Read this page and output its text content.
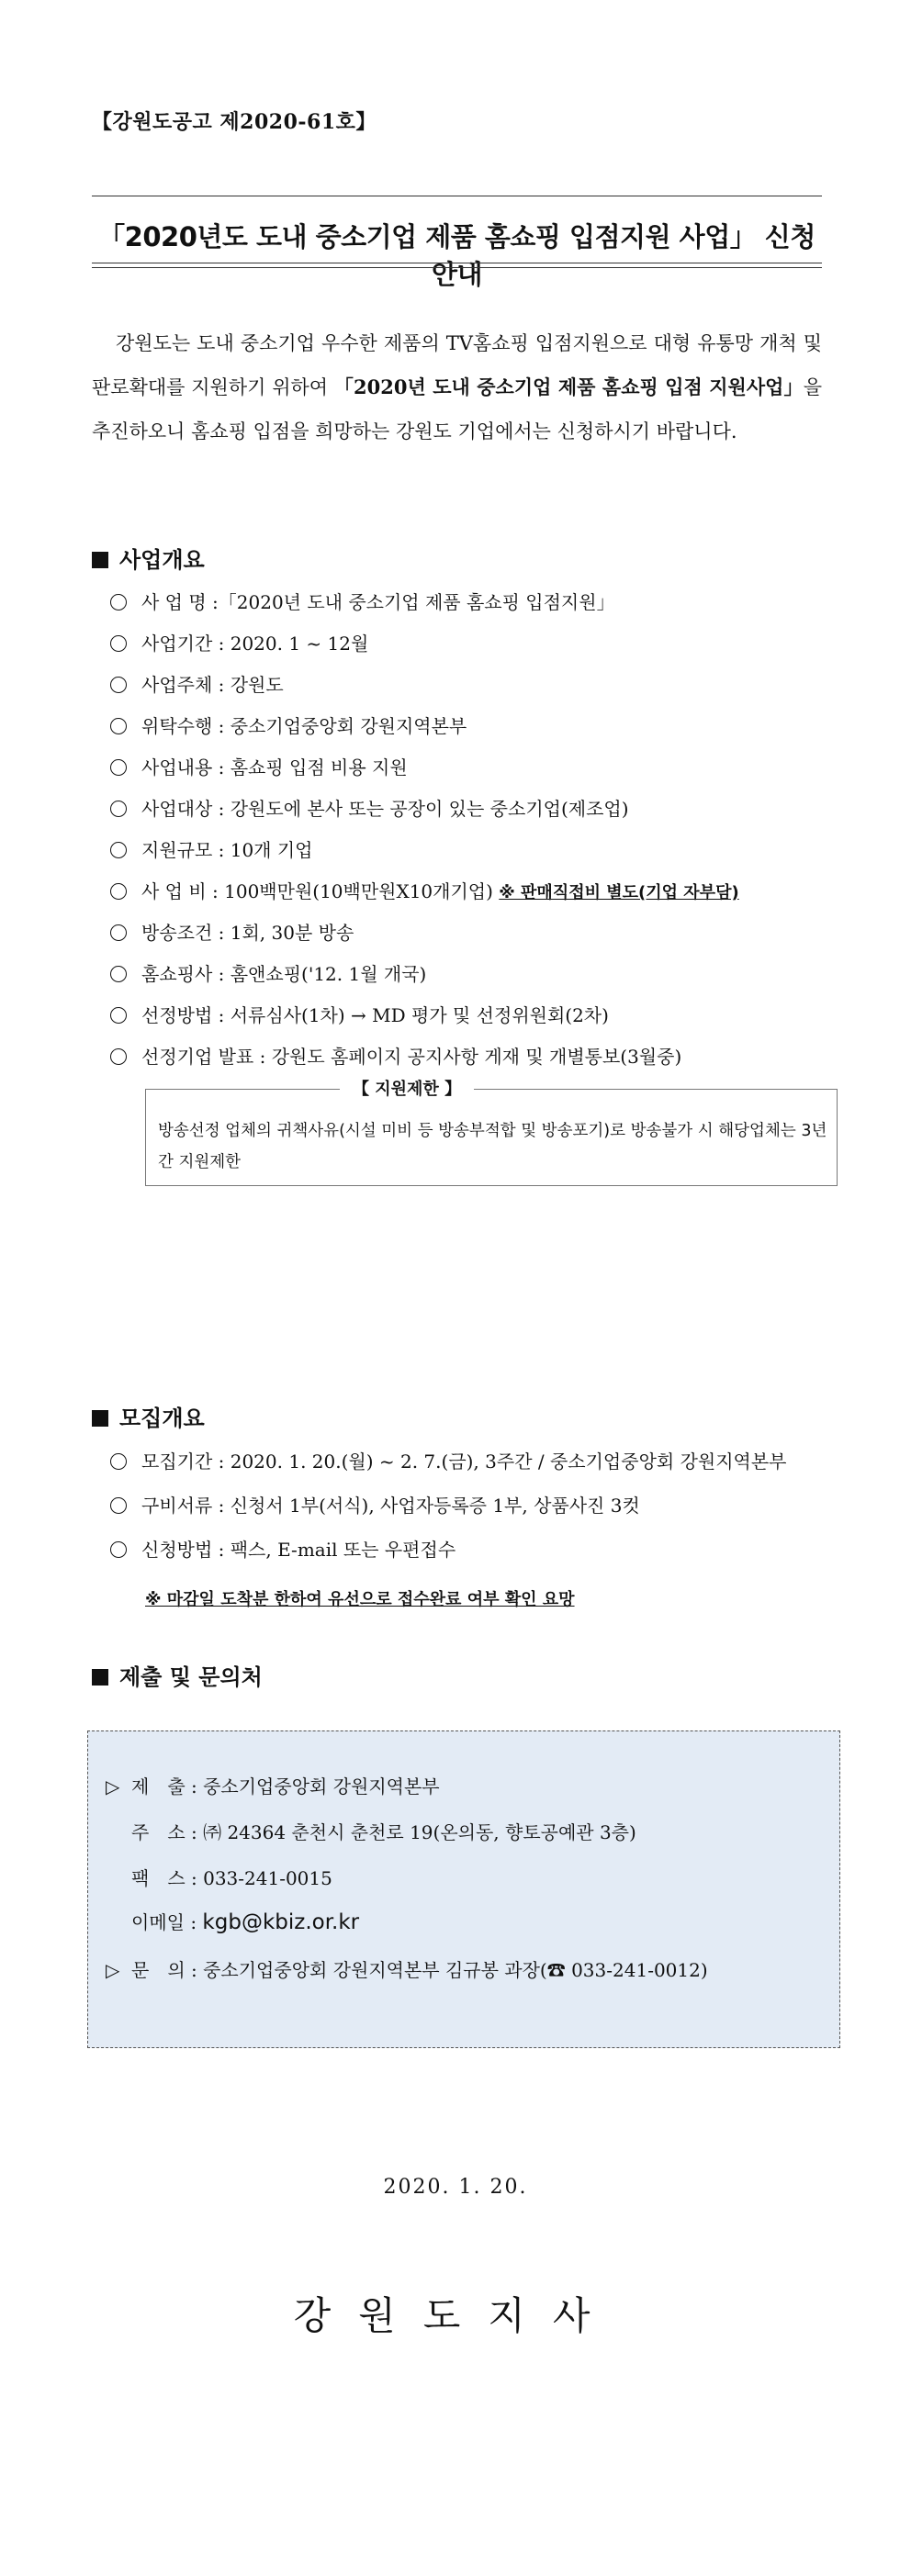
【강원도공고 제2020-61호】
「2020년도 도내 중소기업 제품 홈쇼핑 입점지원 사업」 신청 안내

강원도는 도내 중소기업 우수한 제품의 TV홈쇼핑 입점지원으로 대형 유통망 개척 및 판로확대를 지원하기 위하여 「2020년 도내 중소기업 제품 홈쇼핑 입점 지원사업」을 추진하오니 홈쇼핑 입점을 희망하는 강원도 기업에서는 신청하시기 바랍니다.

사업개요
사 업 명 :「2020년 도내 중소기업 제품 홈쇼핑 입점지원」
사업기간 : 2020. 1 ~ 12월
사업주체 : 강원도
위탁수행 : 중소기업중앙회 강원지역본부
사업내용 : 홈쇼핑 입점 비용 지원
사업대상 : 강원도에 본사 또는 공장이 있는 중소기업(제조업)
지원규모 : 10개 기업
사 업 비 : 100백만원(10백만원X10개기업) ※ 판매직접비 별도(기업 자부담)
방송조건 : 1회, 30분 방송
홈쇼핑사 : 홈앤쇼핑('12. 1월 개국)
선정방법 : 서류심사(1차) → MD 평가 및 선정위원회(2차)
선정기업 발표 : 강원도 홈페이지 공지사항 게재 및 개별통보(3월중)
【 지원제한 】
방송선정 업체의 귀책사유(시설 미비 등 방송부적합 및 방송포기)로 방송불가 시 해당업체는 3년간 지원제한
모집개요
모집기간 : 2020. 1. 20.(월) ~ 2. 7.(금), 3주간 / 중소기업중앙회 강원지역본부
구비서류 : 신청서 1부(서식), 사업자등록증 1부, 상품사진 3컷
신청방법 : 팩스, E-mail 또는 우편접수
※ 마감일 도착분 한하여 유선으로 접수완료 여부 확인 요망
제출 및 문의처
▷ 제　출 : 중소기업중앙회 강원지역본부
주　소 : ㈜ 24364 춘천시 춘천로 19(온의동, 향토공예관 3층)
팩　스 : 033-241-0015
이메일 : kgb@kbiz.or.kr
▷ 문　의 : 중소기업중앙회 강원지역본부 김규봉 과장(☎ 033-241-0012)
2020. 1. 20.
강원도지사
